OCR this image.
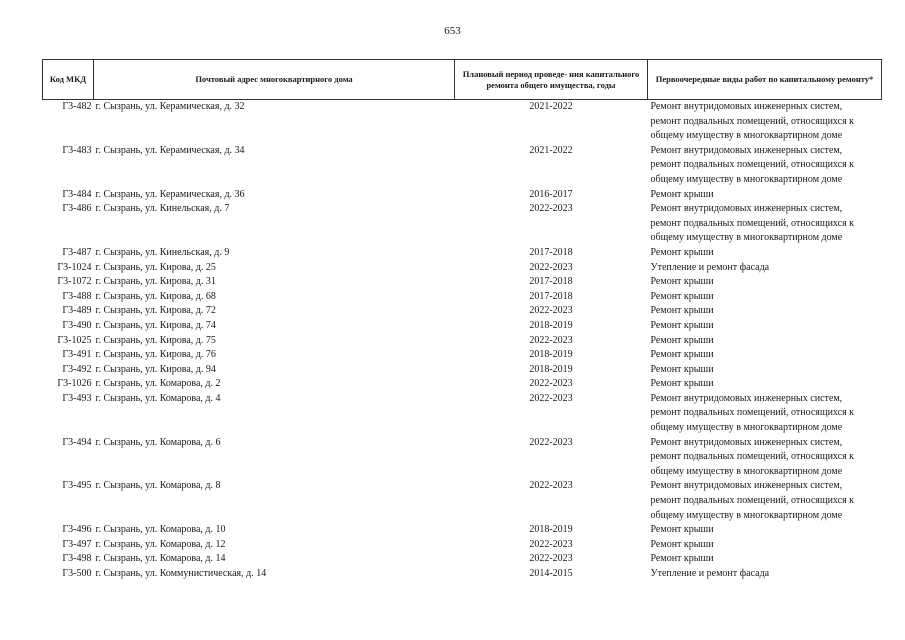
653
Код МКД	Почтовый адрес многоквартирного дома	Плановый период проведе- ния капитального ремонта общего имущества, годы	Первоочередные виды работ по капитальному ремонту*
Г3-482	г. Сызрань, ул. Керамическая, д. 32	2021-2022	Ремонт внутридомовых инженерных систем,
ремонт подвальных помещений, относящихся к
общему имуществу в многоквартирном доме

Г3-483	г. Сызрань, ул. Керамическая, д. 34	2021-2022	Ремонт внутридомовых инженерных систем,
ремонт подвальных помещений, относящихся к
общему имуществу в многоквартирном доме

Г3-484	г. Сызрань, ул. Керамическая, д. 36	2016-2017	Ремонт крыши

Г3-486	г. Сызрань, ул. Кинельская, д. 7	2022-2023	Ремонт внутридомовых инженерных систем,
ремонт подвальных помещений, относящихся к
общему имуществу в многоквартирном доме

Г3-487	г. Сызрань, ул. Кинельская, д. 9	2017-2018	Ремонт крыши

Г3-1024	г. Сызрань, ул. Кирова, д. 25	2022-2023	Утепление и ремонт фасада

Г3-1072	г. Сызрань, ул. Кирова, д. 31	2017-2018	Ремонт крыши

Г3-488	г. Сызрань, ул. Кирова, д. 68	2017-2018	Ремонт крыши

Г3-489	г. Сызрань, ул. Кирова, д. 72	2022-2023	Ремонт крыши

Г3-490	г. Сызрань, ул. Кирова, д. 74	2018-2019	Ремонт крыши

Г3-1025	г. Сызрань, ул. Кирова, д. 75	2022-2023	Ремонт крыши

Г3-491	г. Сызрань, ул. Кирова, д. 76	2018-2019	Ремонт крыши

Г3-492	г. Сызрань, ул. Кирова, д. 94	2018-2019	Ремонт крыши

Г3-1026	г. Сызрань, ул. Комарова, д. 2	2022-2023	Ремонт крыши

Г3-493	г. Сызрань, ул. Комарова, д. 4	2022-2023	Ремонт внутридомовых инженерных систем,
ремонт подвальных помещений, относящихся к
общему имуществу в многоквартирном доме

Г3-494	г. Сызрань, ул. Комарова, д. 6	2022-2023	Ремонт внутридомовых инженерных систем,
ремонт подвальных помещений, относящихся к
общему имуществу в многоквартирном доме

Г3-495	г. Сызрань, ул. Комарова, д. 8	2022-2023	Ремонт внутридомовых инженерных систем,
ремонт подвальных помещений, относящихся к
общему имуществу в многоквартирном доме

Г3-496	г. Сызрань, ул. Комарова, д. 10	2018-2019	Ремонт крыши

Г3-497	г. Сызрань, ул. Комарова, д. 12	2022-2023	Ремонт крыши

Г3-498	г. Сызрань, ул. Комарова, д. 14	2022-2023	Ремонт крыши

Г3-500	г. Сызрань, ул. Коммунистическая, д. 14	2014-2015	Утепление и ремонт фасада
